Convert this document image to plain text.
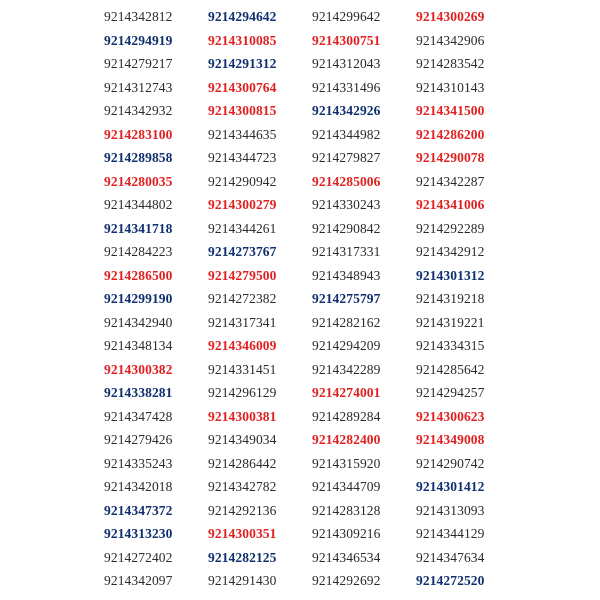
9214342812	9214294642	9214299642	9214300269
9214294919	9214310085	9214300751	9214342906
9214279217	9214291312	9214312043	9214283542
9214312743	9214300764	9214331496	9214310143
9214342932	9214300815	9214342926	9214341500
9214283100	9214344635	9214344982	9214286200
9214289858	9214344723	9214279827	9214290078
9214280035	9214290942	9214285006	9214342287
9214344802	9214300279	9214330243	9214341006
9214341718	9214344261	9214290842	9214292289
9214284223	9214273767	9214317331	9214342912
9214286500	9214279500	9214348943	9214301312
9214299190	9214272382	9214275797	9214319218
9214342940	9214317341	9214282162	9214319221
9214348134	9214346009	9214294209	9214334315
9214300382	9214331451	9214342289	9214285642
9214338281	9214296129	9214274001	9214294257
9214347428	9214300381	9214289284	9214300623
9214279426	9214349034	9214282400	9214349008
9214335243	9214286442	9214315920	9214290742
9214342018	9214342782	9214344709	9214301412
9214347372	9214292136	9214283128	9214313093
9214313230	9214300351	9214309216	9214344129
9214272402	9214282125	9214346534	9214347634
9214342097	9214291430	9214292692	9214272520
